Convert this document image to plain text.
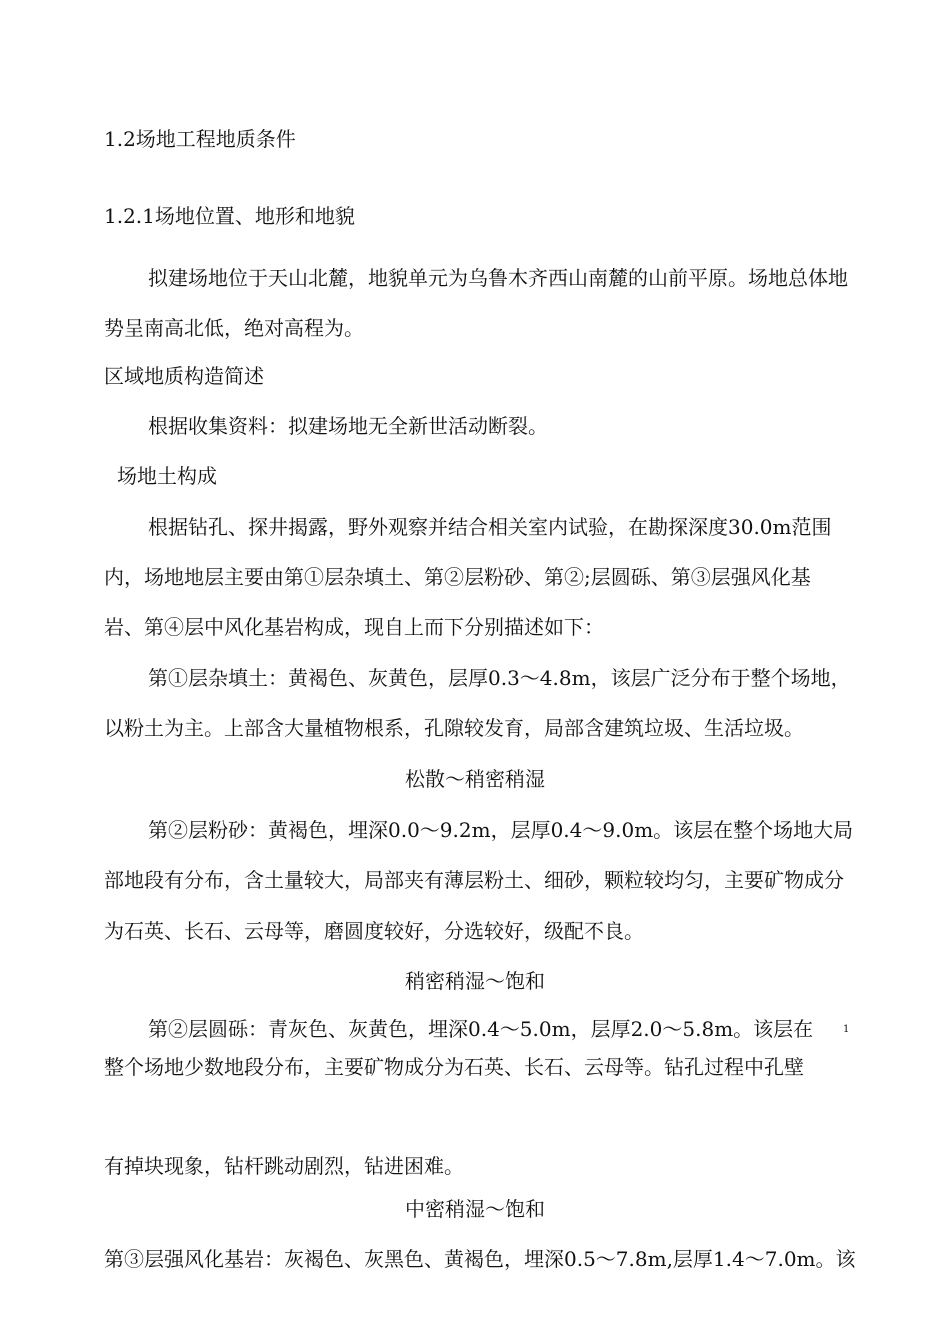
1.2场地工程地质条件
1.2.1场地位置、地形和地貌
拟建场地位于天山北麓，地貌单元为乌鲁木齐西山南麓的山前平原。场地总体地
势呈南高北低，绝对高程为。
区域地质构造简述
根据收集资料：拟建场地无全新世活动断裂。
场地土构成
根据钻孔、探井揭露，野外观察并结合相关室内试验，在勘探深度30.0m范围
内，场地地层主要由第①层杂填土、第②层粉砂、第②;层圆砾、第③层强风化基
岩、第④层中风化基岩构成，现自上而下分别描述如下：
第①层杂填土：黄褐色、灰黄色，层厚0.3〜4.8m，该层广泛分布于整个场地，
以粉土为主。上部含大量植物根系，孔隙较发育，局部含建筑垃圾、生活垃圾。
松散〜稍密稍湿
第②层粉砂：黄褐色，埋深0.0〜9.2m，层厚0.4〜9.0m。该层在整个场地大局
部地段有分布，含土量较大，局部夹有薄层粉土、细砂，颗粒较均匀，主要矿物成分
为石英、长石、云母等，磨圆度较好，分选较好，级配不良。
稍密稍湿〜饱和
第②层圆砾：青灰色、灰黄色，埋深0.4〜5.0m，层厚2.0〜5.8m。该层在	1
整个场地少数地段分布，主要矿物成分为石英、长石、云母等。钻孔过程中孔壁
有掉块现象，钻杆跳动剧烈，钻进困难。
中密稍湿〜饱和
第③层强风化基岩：灰褐色、灰黑色、黄褐色，埋深0.5〜7.8m,层厚1.4〜7.0m。该
